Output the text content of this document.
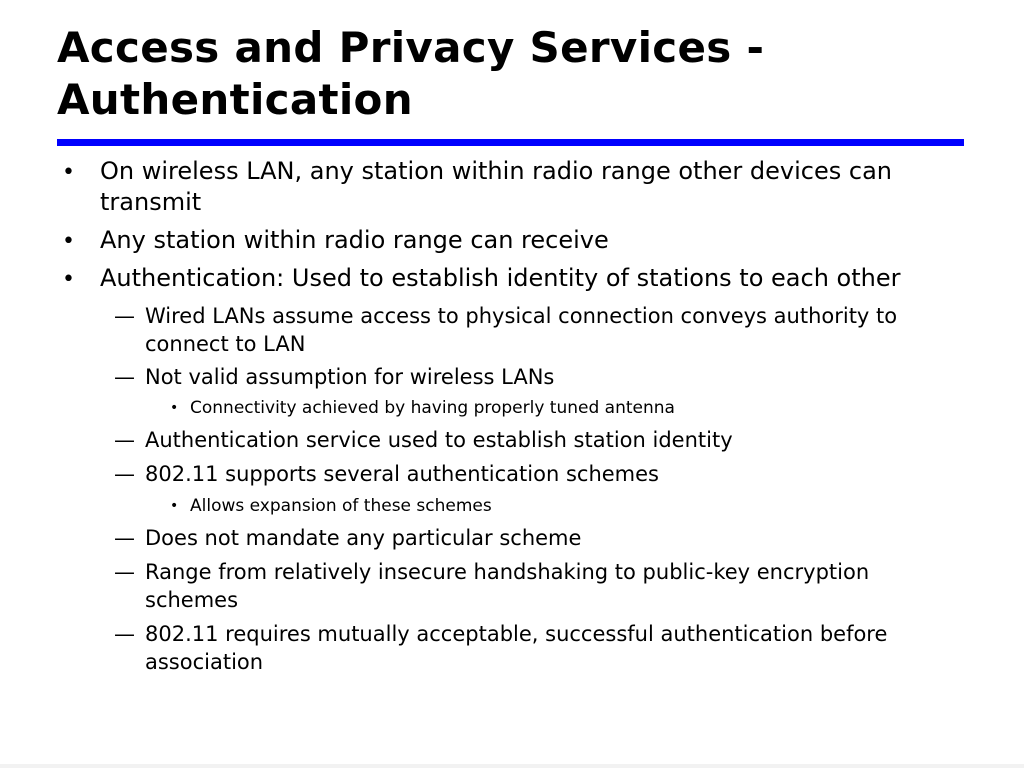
Access and Privacy Services - Authentication
• On wireless LAN, any station within radio range other devices can transmit
• Any station within radio range can receive
• Authentication: Used to establish identity of stations to each other
— Wired LANs assume access to physical connection conveys authority to connect to LAN
— Not valid assumption for wireless LANs
• Connectivity achieved by having properly tuned antenna
— Authentication service used to establish station identity
— 802.11 supports several authentication schemes
• Allows expansion of these schemes
— Does not mandate any particular scheme
— Range from relatively insecure handshaking to public-key encryption schemes
— 802.11 requires mutually acceptable, successful authentication before association
